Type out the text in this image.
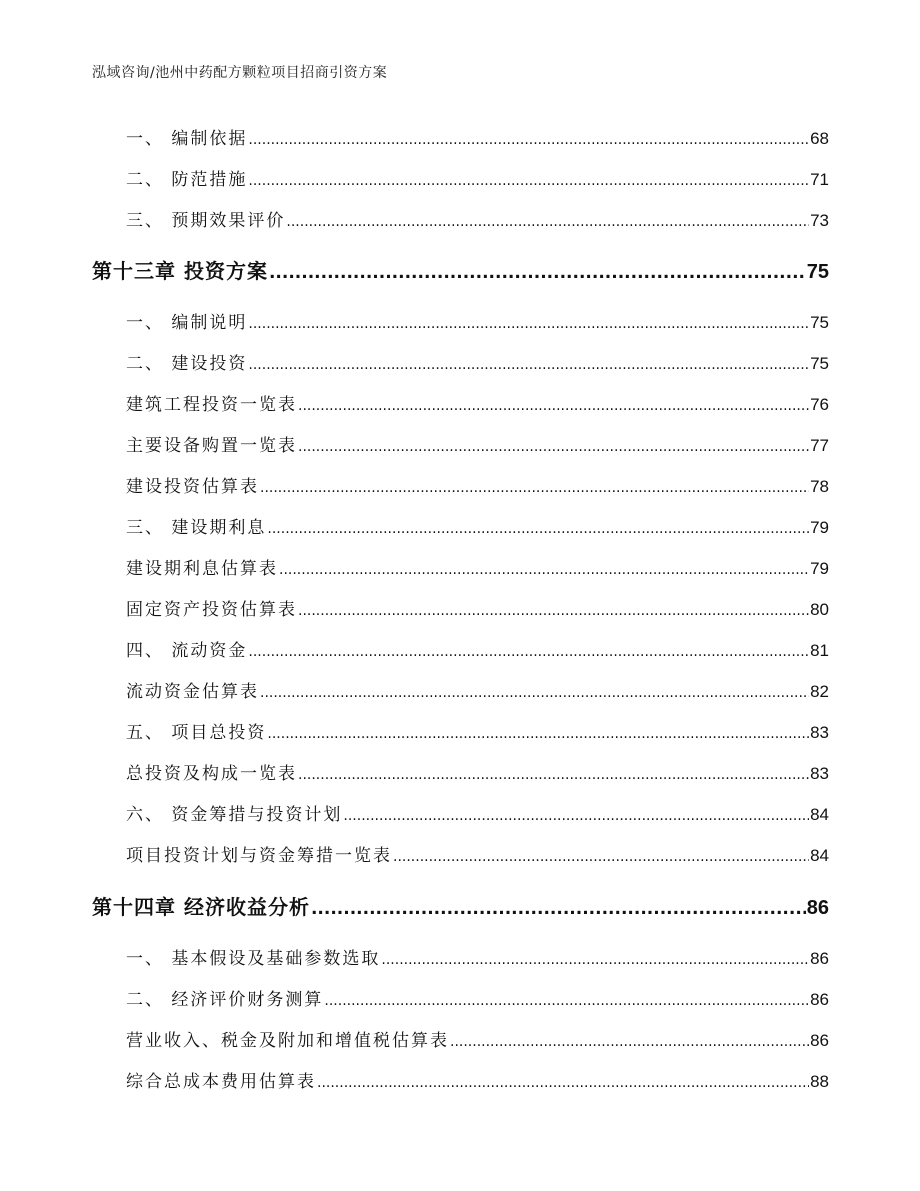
泓域咨询/池州中药配方颗粒项目招商引资方案
一、 编制依据 .....	68
二、 防范措施 .....	71
三、 预期效果评价 .....	73
第十三章 投资方案 .....	75
一、 编制说明 .....	75
二、 建设投资 .....	75
建筑工程投资一览表 .....	76
主要设备购置一览表 .....	77
建设投资估算表 .....	78
三、 建设期利息 .....	79
建设期利息估算表 .....	79
固定资产投资估算表 .....	80
四、 流动资金 .....	81
流动资金估算表 .....	82
五、 项目总投资 .....	83
总投资及构成一览表 .....	83
六、 资金筹措与投资计划 .....	84
项目投资计划与资金筹措一览表 .....	84
第十四章 经济收益分析 .....	86
一、 基本假设及基础参数选取 .....	86
二、 经济评价财务测算 .....	86
营业收入、税金及附加和增值税估算表 .....	86
综合总成本费用估算表 .....	88
